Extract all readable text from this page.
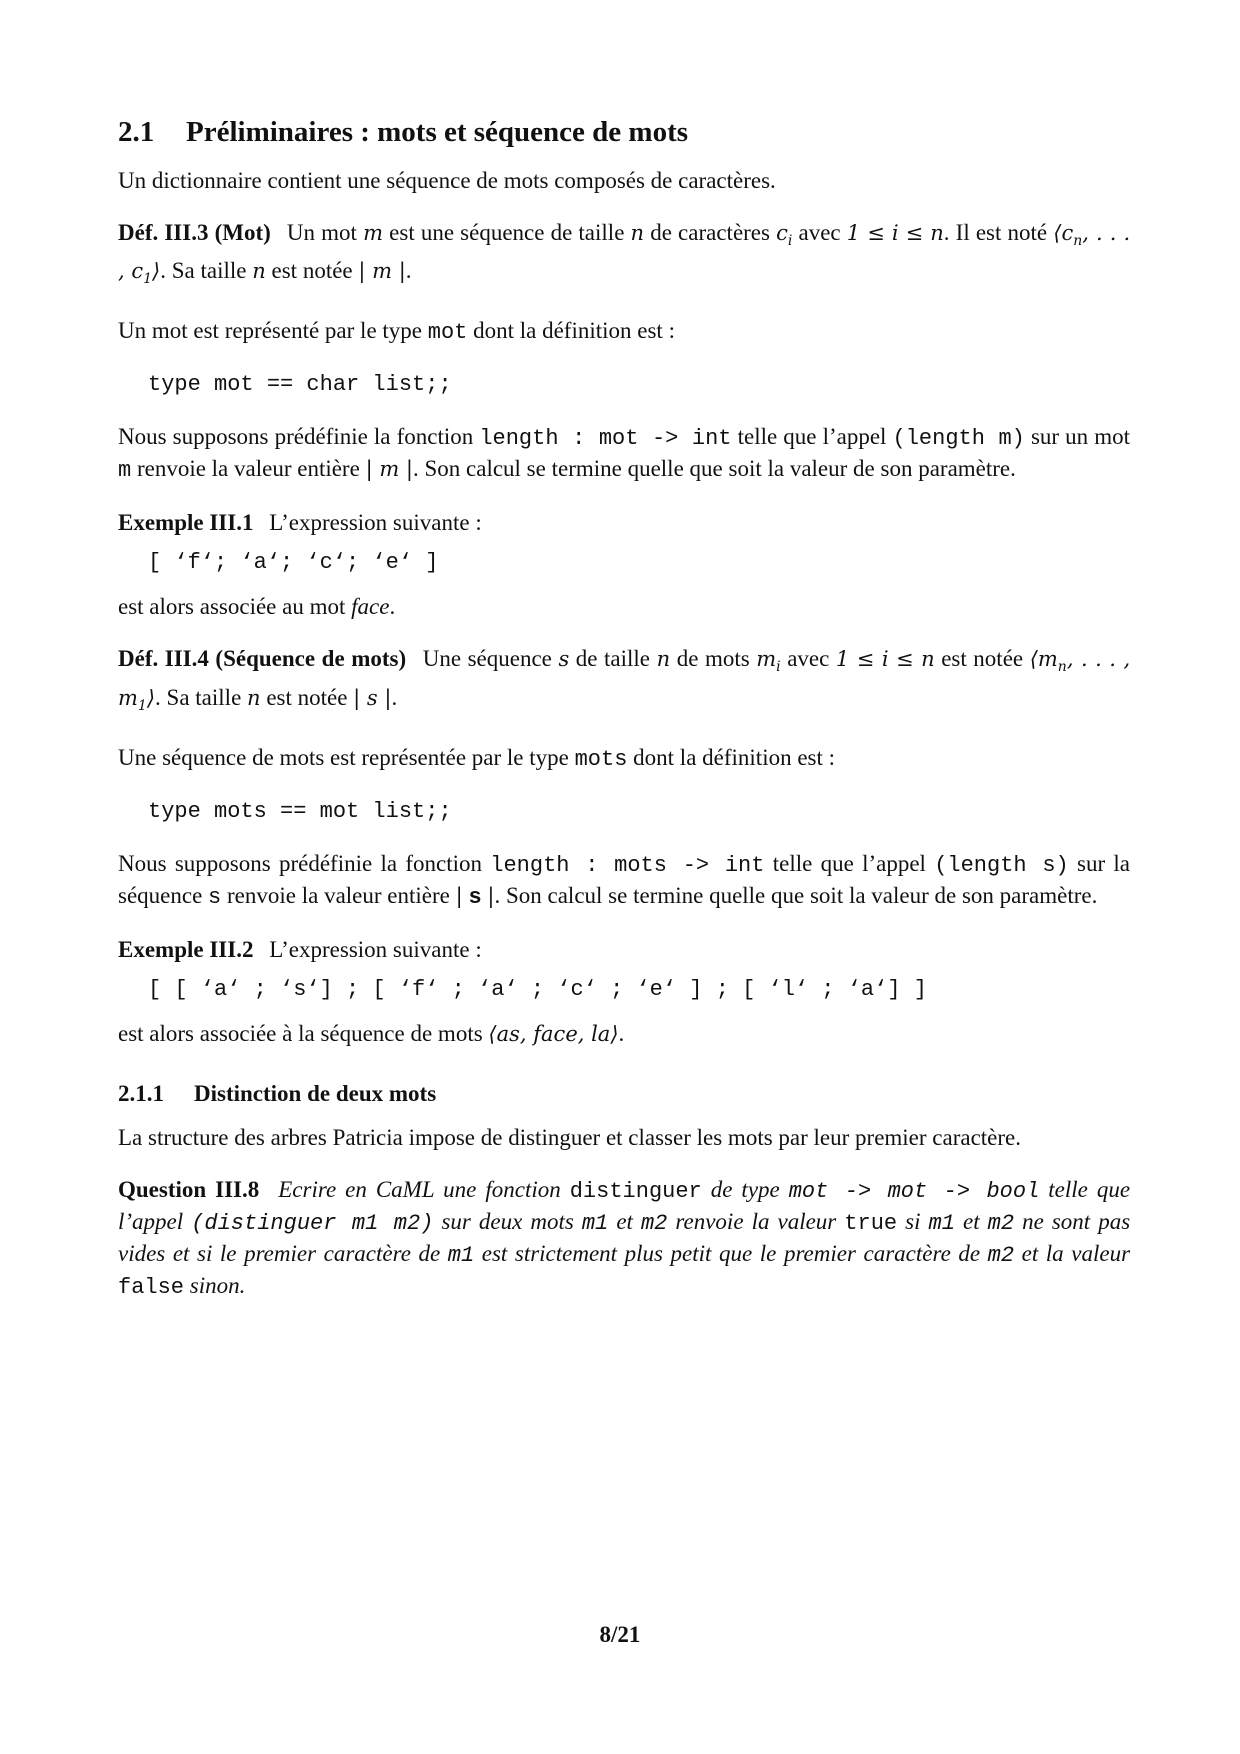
2.1 Préliminaires : mots et séquence de mots

Un dictionnaire contient une séquence de mots composés de caractères.

Déf. III.3 (Mot) Un mot m est une séquence de taille n de caractères $c_i$ avec 1 ≤ i ≤ n. Il est noté $⟨c_n$, . . . , $c_1⟩$. Sa taille n est notée | m |.

Un mot est représenté par le type mot dont la définition est :

type mot == char list;;

Nous supposons prédéfinie la fonction length : mot -> int telle que l’appel (length m) sur un mot m renvoie la valeur entière | m |. Son calcul se termine quelle que soit la valeur de son paramètre.

Exemple III.1 L’expression suivante :

[ ‘f‘; ‘a‘; ‘c‘; ‘e‘ ]

est alors associée au mot face.

Déf. III.4 (Séquence de mots) Une séquence s de taille n de mots $m_i$ avec 1 ≤ i ≤ n est notée $⟨m_n$, . . . , $m_1⟩$. Sa taille n est notée | s |.

Une séquence de mots est représentée par le type mots dont la définition est :

type mots == mot list;;

Nous supposons prédéfinie la fonction length : mots -> int telle que l’appel (length s) sur la séquence s renvoie la valeur entière | s |. Son calcul se termine quelle que soit la valeur de son paramètre.

Exemple III.2 L’expression suivante :

[ [ ‘a‘ ; ‘s‘] ; [ ‘f‘ ; ‘a‘ ; ‘c‘ ; ‘e‘ ] ; [ ‘l‘ ; ‘a‘] ]

est alors associée à la séquence de mots ⟨as, face, la⟩.

2.1.1 Distinction de deux mots

La structure des arbres Patricia impose de distinguer et classer les mots par leur premier caractère.

Question III.8 Ecrire en CaML une fonction distinguer de type mot -> mot -> bool telle que l’appel (distinguer m1 m2) sur deux mots m1 et m2 renvoie la valeur true si m1 et m2 ne sont pas vides et si le premier caractère de m1 est strictement plus petit que le premier caractère de m2 et la valeur false sinon.

8/21
